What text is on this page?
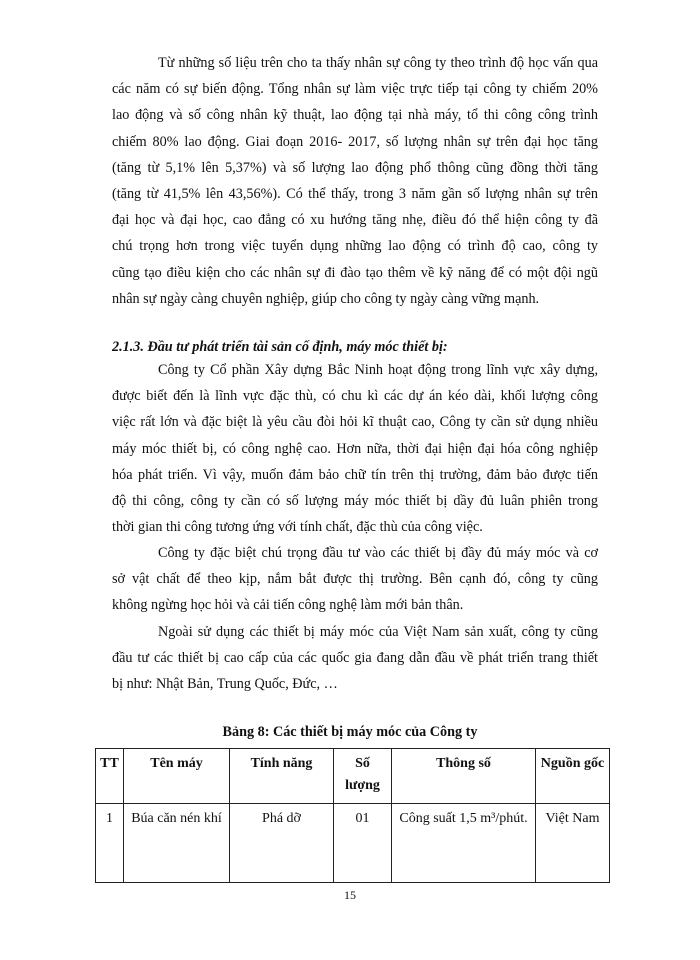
Từ những số liệu trên cho ta thấy nhân sự công ty theo trình độ học vấn qua
các năm có sự biến động. Tổng nhân sự làm việc trực tiếp tại công ty chiếm 20%
lao động và số công nhân kỹ thuật, lao động tại nhà máy, tổ thi công công trình
chiếm 80% lao động. Giai đoạn 2016- 2017, số lượng nhân sự trên đại học tăng
(tăng từ 5,1% lên 5,37%) và số lượng lao động phổ thông cũng đồng thời tăng
(tăng từ 41,5% lên 43,56%). Có thể thấy, trong 3 năm gần số lượng nhân sự trên
đại học và đại học, cao đẳng có xu hướng tăng nhẹ, điều đó thể hiện công ty đã
chú trọng hơn trong việc tuyển dụng những lao động có trình độ cao, công ty
cũng tạo điều kiện cho các nhân sự đi đào tạo thêm về kỹ năng để có một đội ngũ
nhân sự ngày càng chuyên nghiệp, giúp cho công ty ngày càng vững mạnh.

2.1.3. Đầu tư phát triển tài sản cố định, máy móc thiết bị:

Công ty Cổ phần Xây dựng Bắc Ninh hoạt động trong lĩnh vực xây dựng,
được biết đến là lĩnh vực đặc thù, có chu kì các dự án kéo dài, khối lượng công
việc rất lớn và đặc biệt là yêu cầu đòi hỏi kĩ thuật cao, Công ty cần sử dụng nhiều
máy móc thiết bị, có công nghệ cao. Hơn nữa, thời đại hiện đại hóa công nghiệp
hóa phát triển. Vì vậy, muốn đảm bảo chữ tín trên thị trường, đảm bảo được tiến
độ thi công, công ty cần có số lượng máy móc thiết bị dầy đủ luân phiên trong
thời gian thi công tương ứng với tính chất, đặc thù của công việc.

Công ty đặc biệt chú trọng đầu tư vào các thiết bị đầy đủ máy móc và cơ
sở vật chất để theo kịp, nắm bắt được thị trường. Bên cạnh đó, công ty cũng
không ngừng học hỏi và cải tiến công nghệ làm mới bản thân.

Ngoài sử dụng các thiết bị máy móc của Việt Nam sản xuất, công ty cũng
đầu tư các thiết bị cao cấp của các quốc gia đang dẫn đầu về phát triển trang thiết
bị như: Nhật Bản, Trung Quốc, Đức, …

Bảng 8: Các thiết bị máy móc của Công ty

TT	Tên máy	Tính năng	Số lượng	Thông số	Nguồn gốc
1	Búa căn nén khí	Phá dỡ	01	Công suất 1,5 m³/phút.	Việt Nam

15
